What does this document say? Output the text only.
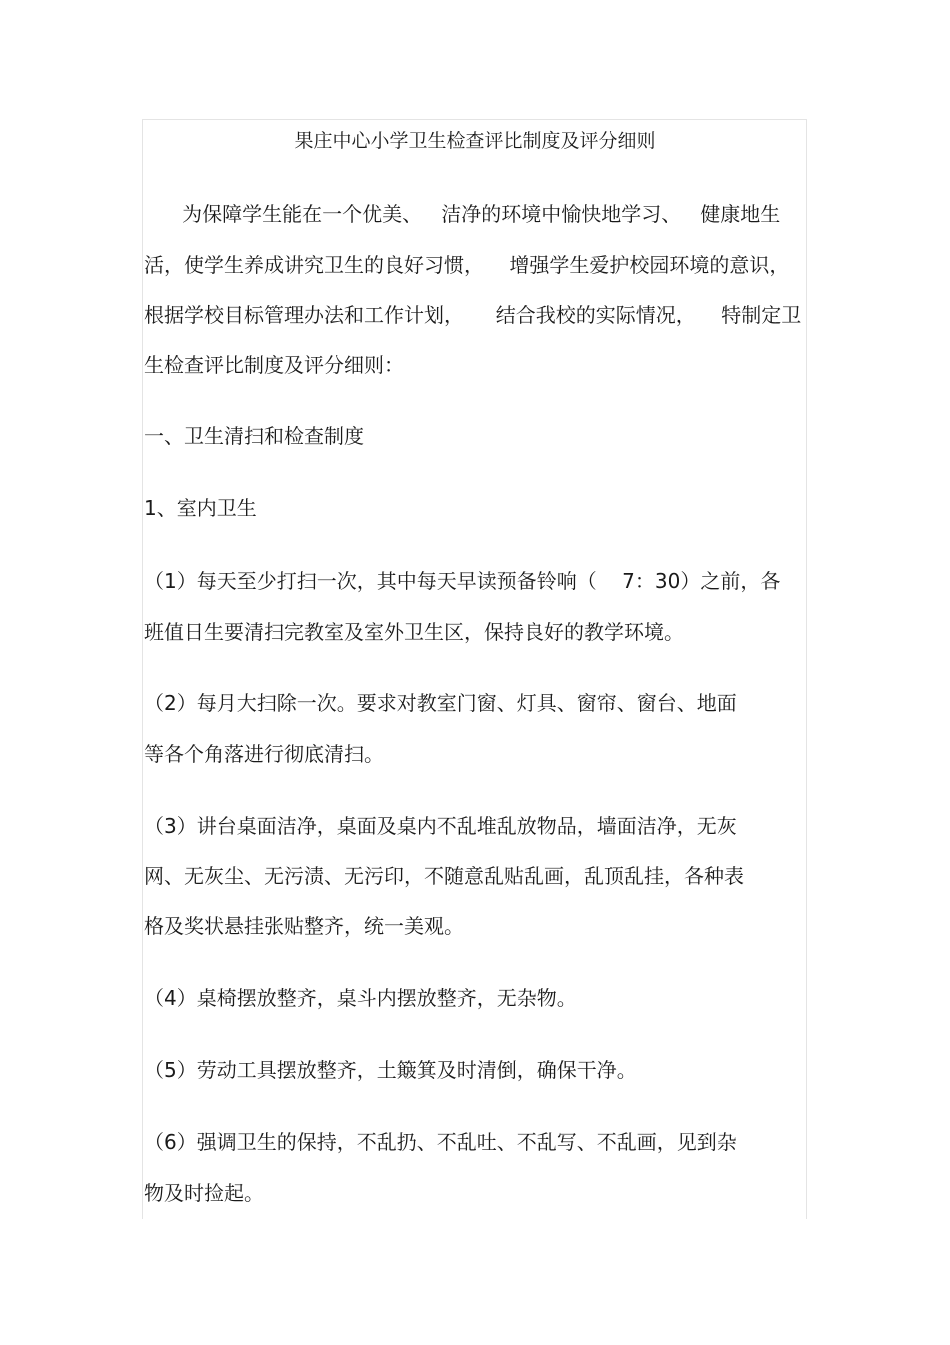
果庄中心小学卫生检查评比制度及评分细则
为保障学生能在一个优美、   洁净的环境中愉快地学习、   健康地生
活，使学生养成讲究卫生的良好习惯，    增强学生爱护校园环境的意识，
根据学校目标管理办法和工作计划，     结合我校的实际情况，    特制定卫
生检查评比制度及评分细则：
一、卫生清扫和检查制度
1、室内卫生
（1）每天至少打扫一次，其中每天早读预备铃响（    7：30）之前，各
班值日生要清扫完教室及室外卫生区，保持良好的教学环境。
（2）每月大扫除一次。要求对教室门窗、灯具、窗帘、窗台、地面
等各个角落进行彻底清扫。
（3）讲台桌面洁净，桌面及桌内不乱堆乱放物品，墙面洁净，无灰
网、无灰尘、无污渍、无污印，不随意乱贴乱画，乱顶乱挂，各种表
格及奖状悬挂张贴整齐，统一美观。
（4）桌椅摆放整齐，桌斗内摆放整齐，无杂物。
（5）劳动工具摆放整齐，土簸箕及时清倒，确保干净。
（6）强调卫生的保持，不乱扔、不乱吐、不乱写、不乱画，见到杂
物及时捡起。
